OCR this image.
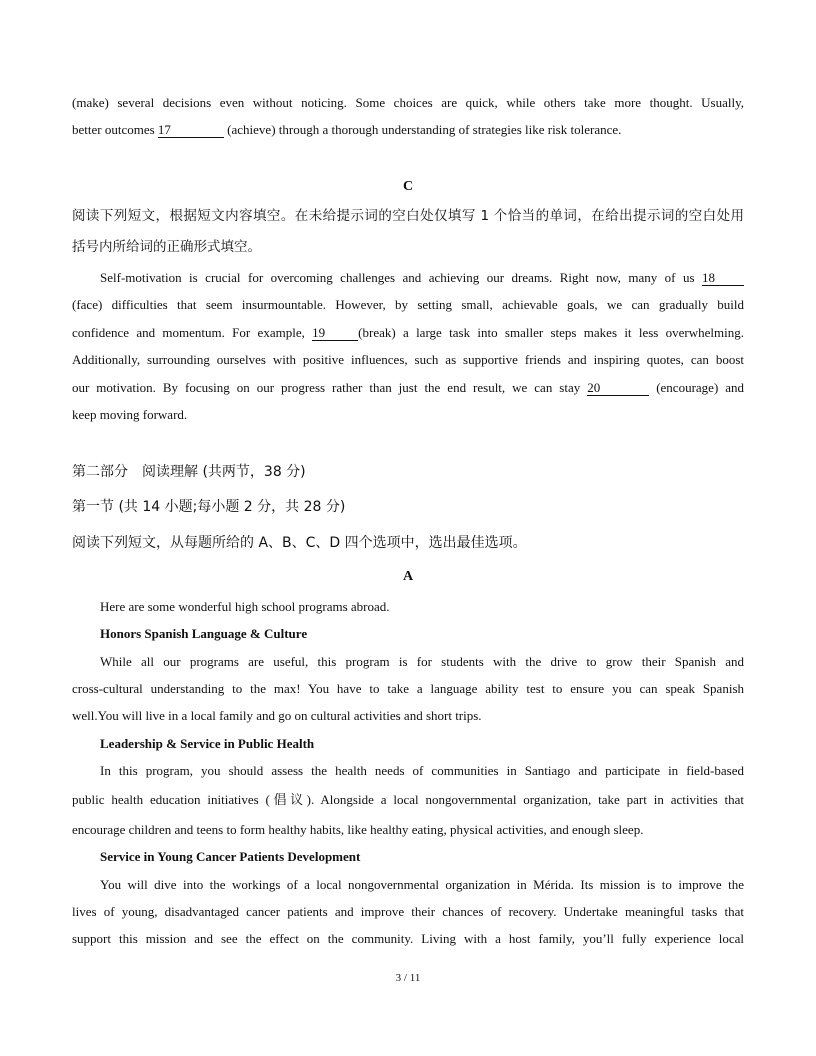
(make) several decisions even without noticing. Some choices are quick, while others take more thought. Usually,
better outcomes 17	(achieve) through a thorough understanding of strategies like risk tolerance.
C
阅读下列短文，根据短文内容填空。在未给提示词的空白处仅填写 1 个恰当的单词，在给出提示词的空白处用
括号内所给词的正确形式填空。
Self-motivation is crucial for overcoming challenges and achieving our dreams. Right now, many of us 18
(face) difficulties that seem insurmountable. However, by setting small, achievable goals, we can gradually build
confidence and momentum. For example, 19	(break) a large task into smaller steps makes it less overwhelming.
Additionally, surrounding ourselves with positive influences, such as supportive friends and inspiring quotes, can boost
our motivation. By focusing on our progress rather than just the end result, we can stay 20	(encourage) and
keep moving forward.
第二部分　阅读理解 (共两节，38 分)
第一节 (共 14 小题;每小题 2 分，共 28 分)
阅读下列短文，从每题所给的 A、B、C、D 四个选项中，选出最佳选项。
A
Here are some wonderful high school programs abroad.
Honors Spanish Language & Culture
While all our programs are useful, this program is for students with the drive to grow their Spanish and
cross-cultural understanding to the max! You have to take a language ability test to ensure you can speak Spanish
well.You will live in a local family and go on cultural activities and short trips.
Leadership & Service in Public Health
In this program, you should assess the health needs of communities in Santiago and participate in field-based
public health education initiatives (倡议). Alongside a local nongovernmental organization, take part in activities that
encourage children and teens to form healthy habits, like healthy eating, physical activities, and enough sleep.
Service in Young Cancer Patients Development
You will dive into the workings of a local nongovernmental organization in Mérida. Its mission is to improve the
lives of young, disadvantaged cancer patients and improve their chances of recovery. Undertake meaningful tasks that
support this mission and see the effect on the community. Living with a host family, you’ll fully experience local
3 / 11
